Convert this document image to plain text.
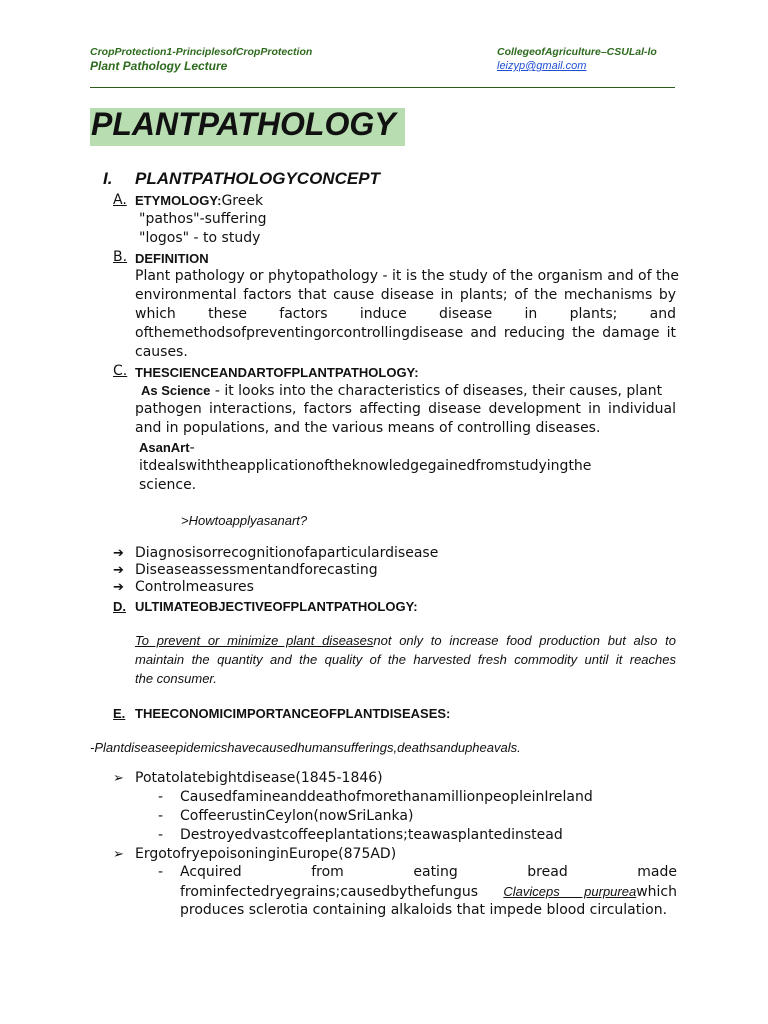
CropProtection1-PrinciplesofCropProtection
Plant Pathology Lecture
CollegeofAgriculture–CSULal-lo
leizyp@gmail.com
PLANTPATHOLOGY
I. PLANTPATHOLOGYCONCEPT
A. ETYMOLOGY:Greek
"pathos"-suffering
"logos" - to study
B. DEFINITION
Plant pathology or phytopathology - it is the study of the organism and of the
environmental factors that cause disease in plants; of the mechanisms by
which these factors induce disease in plants; and
ofthemethodsofpreventingorcontrollingdisease and reducing the damage it
causes.
C. THESCIENCEANDARTOFPLANTPATHOLOGY:
As Science - it looks into the characteristics of diseases, their causes, plant
pathogen interactions, factors affecting disease development in individual
and in populations, and the various means of controlling diseases.
AsanArt-
itdealswiththeapplicationoftheknowledgegainedfromstudyingthe
science.
>Howtoapplyasanart?
➔ Diagnosisorrecognitionofaparticulardisease
➔ Diseaseassessmentandforecasting
➔ Controlmeasures
D. ULTIMATEOBJECTIVEOFPLANTPATHOLOGY:
To prevent or minimize plant diseasesnot only to increase food production but also to
maintain the quantity and the quality of the harvested fresh commodity until it reaches
the consumer.
E. THEECONOMICIMPORTANCEOFPLANTDISEASES:
-Plantdiseaseepidemicshavecausedhumansufferings,deathsandupheavals.
➢ Potatolatebightdisease(1845-1846)
- CausedfamineanddeathofmorethanamillionpeopleinIreland
- CoffeerustinCeylon(nowSriLanka)
- Destroyedvastcoffeeplantations;teawasplantedinstead
➢ ErgotofryepoisoninginEurope(875AD)
- Acquired from eating bread made
frominfectedryegrains;causedbythefungus Claviceps purpureawhich
produces sclerotia containing alkaloids that impede blood circulation.
